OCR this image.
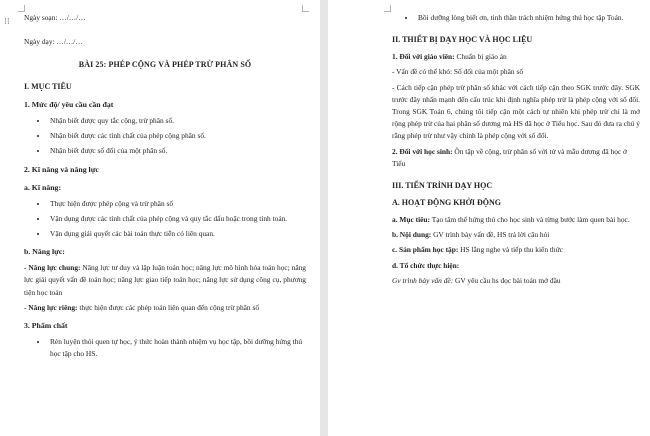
⁞⁞ Ngày soạn: …/…/…

Ngày dạy: …/…/…

BÀI 25: PHÉP CỘNG VÀ PHÉP TRỪ PHÂN SỐ
I. MỤC TIÊU
1. Mức độ/ yêu cầu cần đạt
• Nhận biết được quy tắc cộng, trừ phân số.
• Nhận biết được các tính chất của phép cộng phân số.
• Nhận biết được số đối của một phân số.
2. Kĩ năng và năng lực
a. Kĩ năng:
• Thực hiện được phép cộng và trừ phân số
• Vận dụng được các tính chất của phép cộng và quy tắc dấu hoặc trong tính toán.
• Vận dụng giải quyết các bài toán thực tiễn có liên quan.
b. Năng lực:

- Năng lực chung: Năng lực tư duy và lập luận toán học; năng lực mô hình hóa toán học; năng lực giải quyết vấn đề toán học; năng lực giao tiếp toán học; năng lực sử dụng công cụ, phương tiện học toán

- Năng lực riêng: thực hiện được các phép toán liên quan đến cộng trừ phân số

3. Phẩm chất
• Rèn luyện thói quen tự học, ý thức hoàn thành nhiệm vụ học tập, bồi dưỡng hứng thú học tập cho HS.
• Bồi dưỡng lòng biết ơn, tinh thần trách nhiệm hứng thú học tập Toán.
II. THIẾT BỊ DẠY HỌC VÀ HỌC LIỆU

1. Đối với giáo viên: Chuẩn bị giáo án

- Vấn đề có thể khó: Số đối của một phân số

- Cách tiếp cận phép trừ phân số khác với cách tiếp cận theo SGK trước đây. SGK trước đây nhấn mạnh đến cấu trúc khi định nghĩa phép trừ là phép cộng với số đối. Trong SGK Toán 6, chúng tôi tiếp cận một cách tự nhiên khi phép trừ chỉ là mở rộng phép trừ của hai phân số dương mà HS đã học ở Tiểu học. Sau đó đưa ra chú ý rằng phép trừ như vậy chính là phép cộng với số đối.

2. Đối với học sinh: Ôn tập về cộng, trừ phân số với tử và mẫu dương đã học ở Tiểu

III. TIẾN TRÌNH DẠY HỌC
A. HOẠT ĐỘNG KHỞI ĐỘNG

a. Mục tiêu: Tạo tâm thế hứng thú cho học sinh và từng bước làm quen bài học.

b. Nội dung: GV trình bày vấn đề, HS trả lời câu hỏi

c. Sản phẩm học tập: HS lắng nghe và tiếp thu kiến thức

d. Tổ chức thực hiện:

Gv trình bày vấn đề: GV yêu cầu hs đọc bài toán mở đầu
